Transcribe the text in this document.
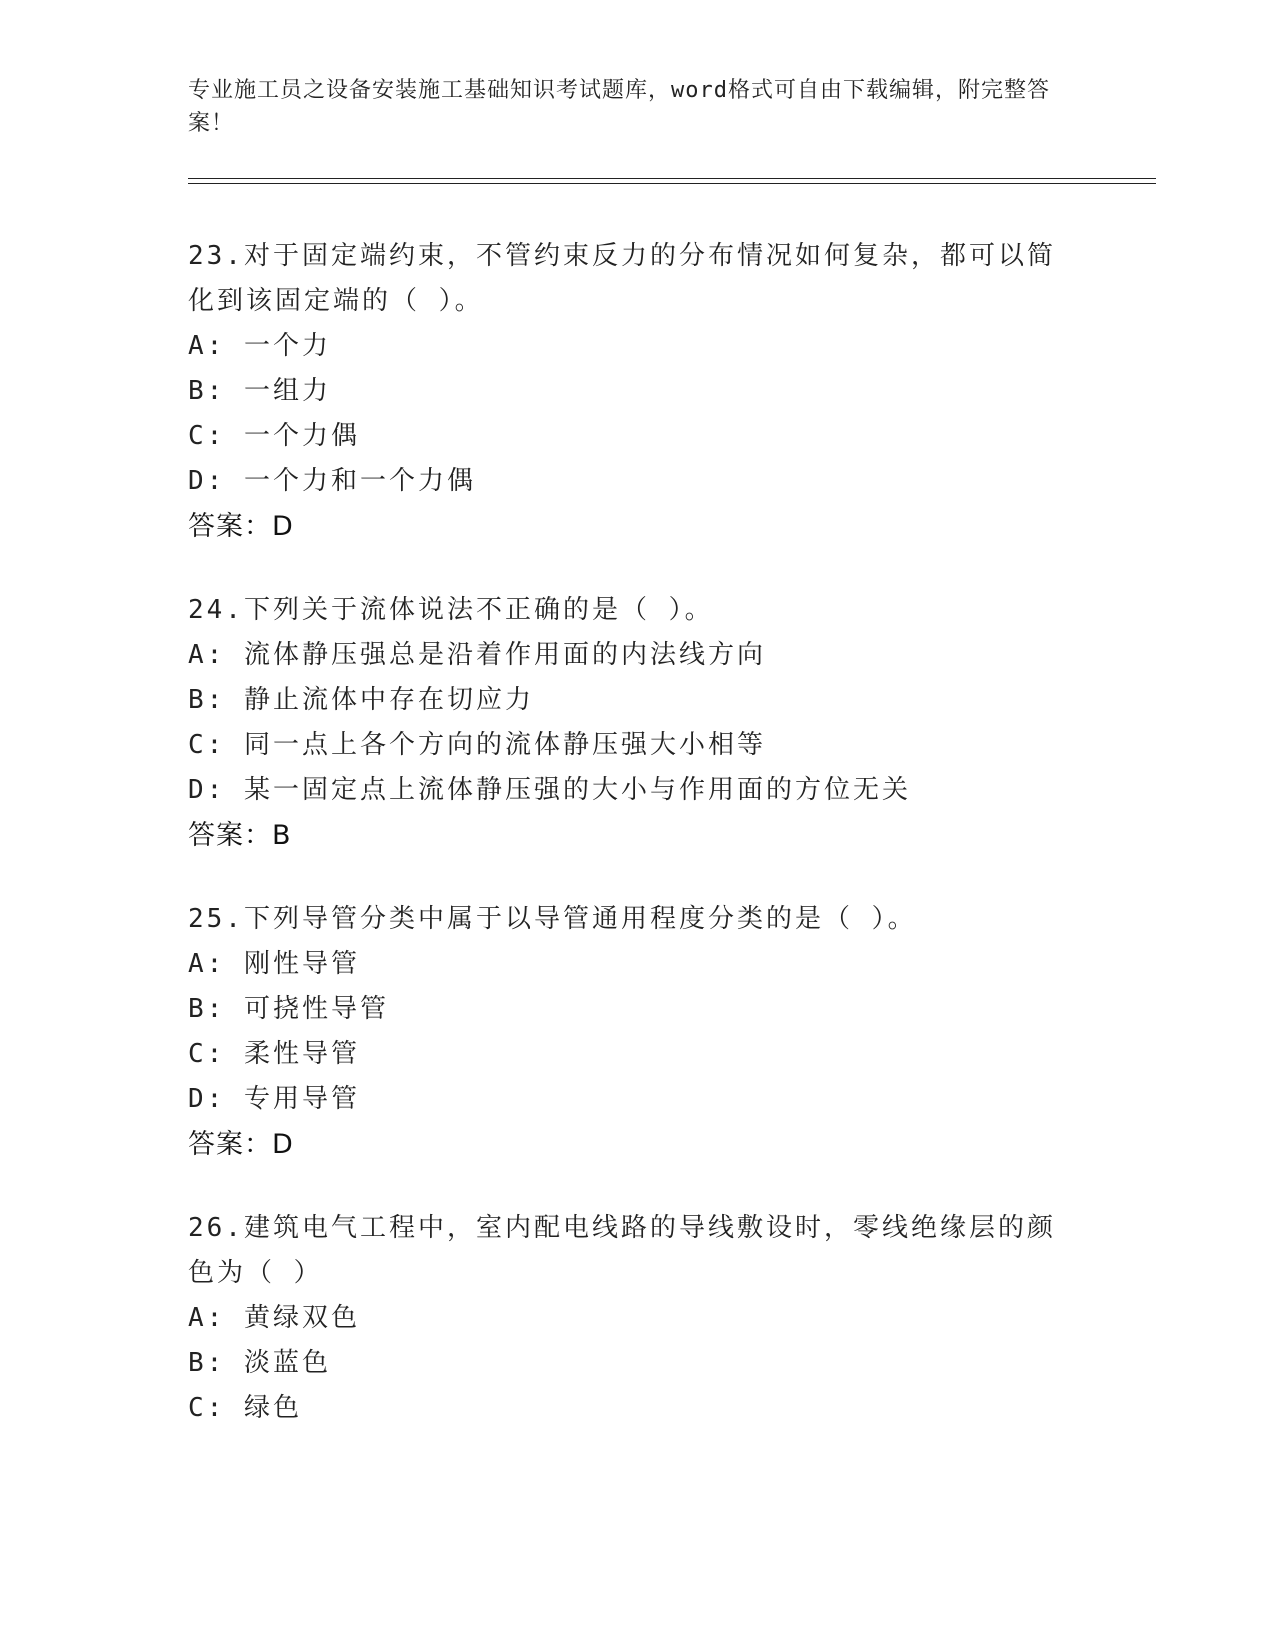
专业施工员之设备安装施工基础知识考试题库，word格式可自由下载编辑，附完整答案！
23.对于固定端约束，不管约束反力的分布情况如何复杂，都可以简化到该固定端的（ ）。
A: 一个力
B: 一组力
C: 一个力偶
D: 一个力和一个力偶
答案：D
24.下列关于流体说法不正确的是（ ）。
A: 流体静压强总是沿着作用面的内法线方向
B: 静止流体中存在切应力
C: 同一点上各个方向的流体静压强大小相等
D: 某一固定点上流体静压强的大小与作用面的方位无关
答案：B
25.下列导管分类中属于以导管通用程度分类的是（ ）。
A: 刚性导管
B: 可挠性导管
C: 柔性导管
D: 专用导管
答案：D
26.建筑电气工程中，室内配电线路的导线敷设时，零线绝缘层的颜色为（ ）
A: 黄绿双色
B: 淡蓝色
C: 绿色
